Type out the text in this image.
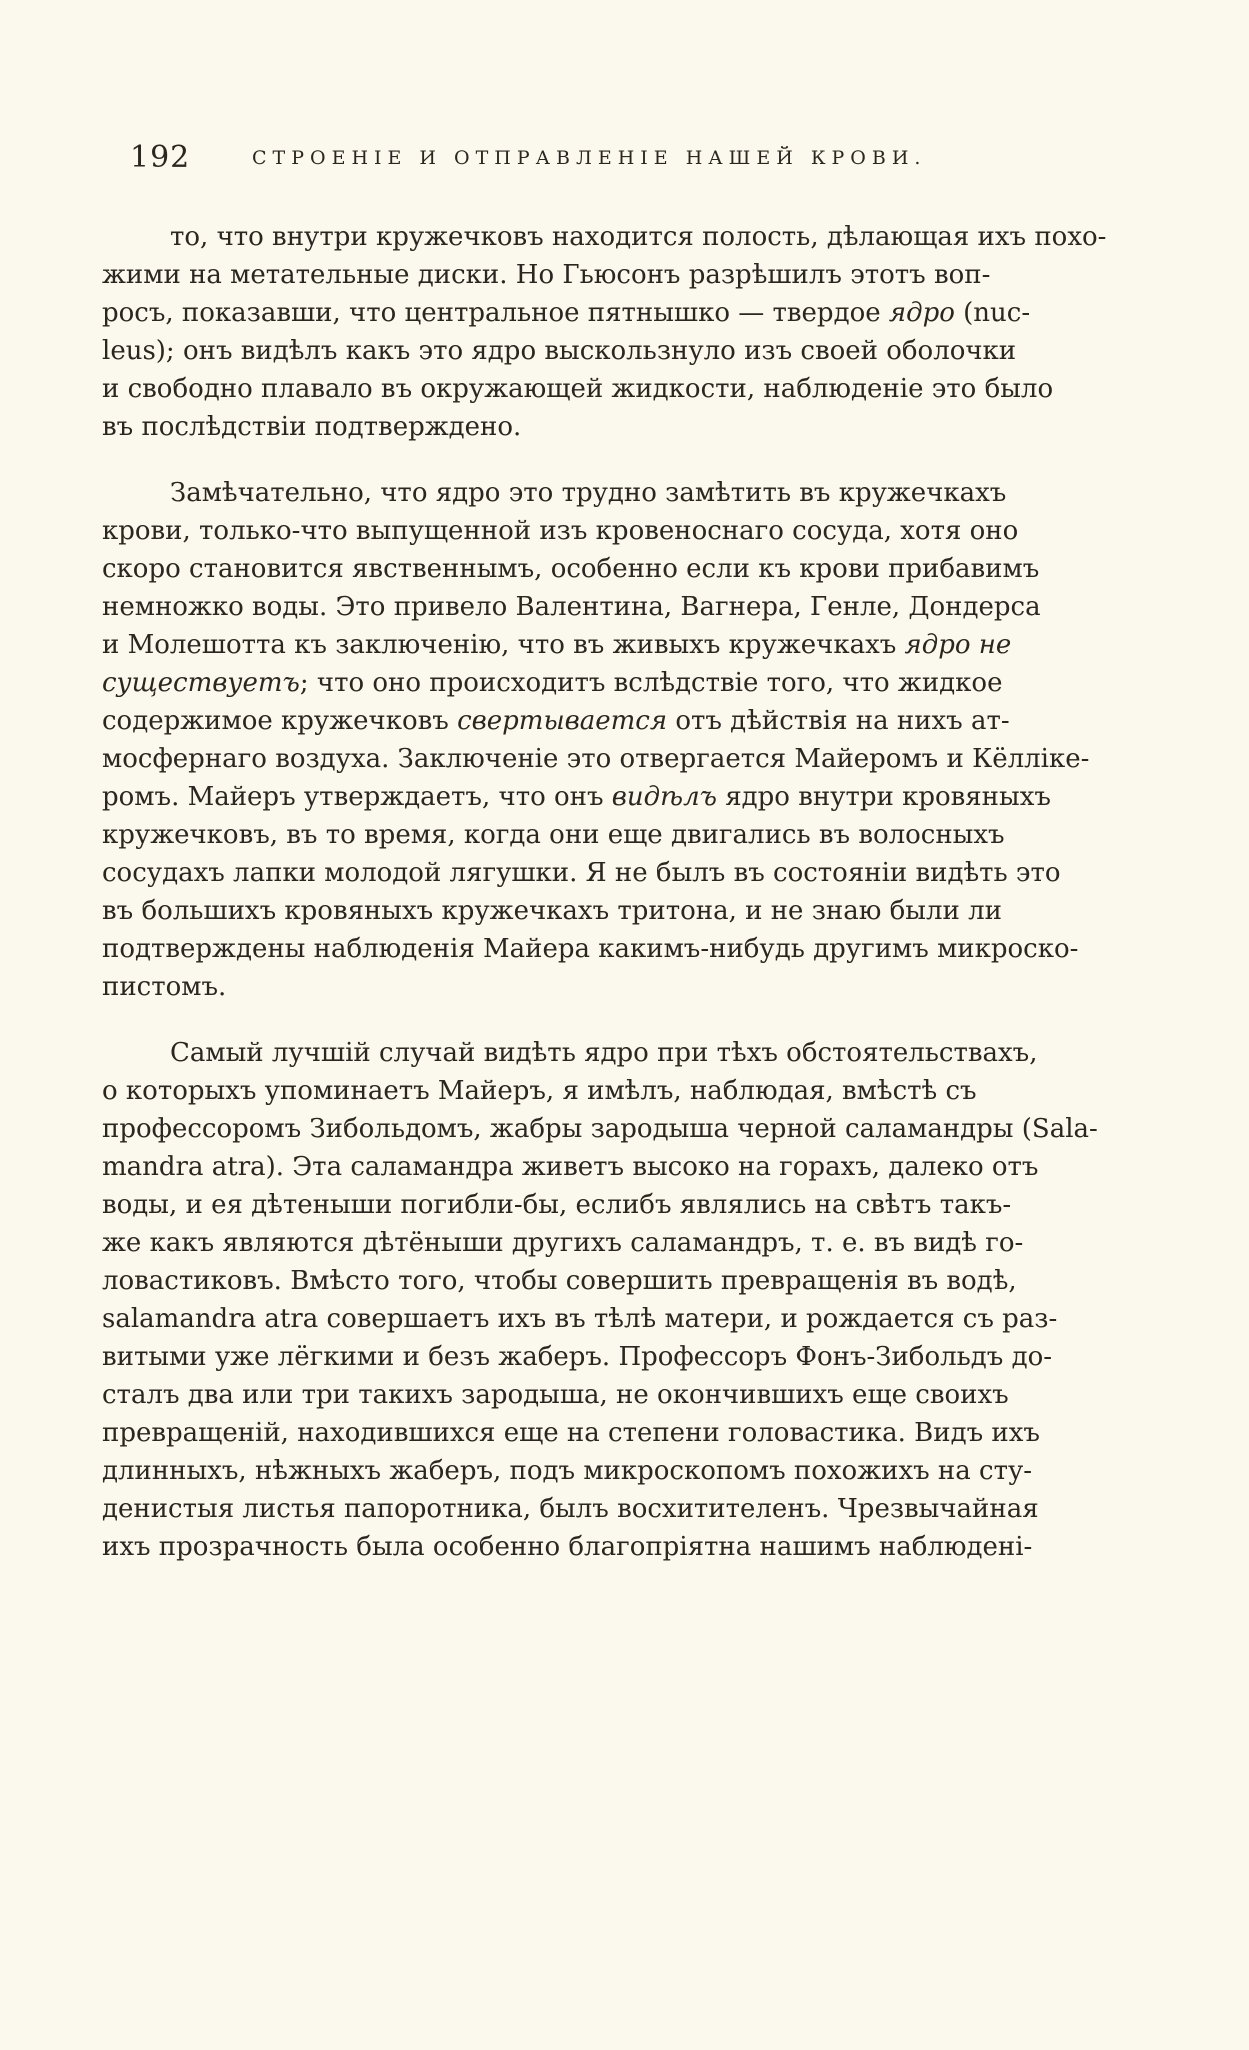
192	СТРОЕНІЕ И ОТПРАВЛЕНІЕ НАШЕЙ КРОВИ.
то, что внутри кружечковъ находится полость, дѣлающая ихъ похо-
жими на метательные диски. Но Гьюсонъ разрѣшилъ этотъ воп-
росъ, показавши, что центральное пятнышко — твердое ядро (nuc-
leus); онъ видѣлъ какъ это ядро выскользнуло изъ своей оболочки
и свободно плавало въ окружающей жидкости, наблюденіе это было
въ послѣдствіи подтверждено.
Замѣчательно, что ядро это трудно замѣтить въ кружечкахъ
крови, только-что выпущенной изъ кровеноснаго сосуда, хотя оно
скоро становится явственнымъ, особенно если къ крови прибавимъ
немножко воды. Это привело Валентина, Вагнера, Генле, Дондерса
и Молешотта къ заключенію, что въ живыхъ кружечкахъ ядро не
существуетъ; что оно происходитъ вслѣдствіе того, что жидкое
содержимое кружечковъ свертывается отъ дѣйствія на нихъ ат-
мосфернаго воздуха. Заключеніе это отвергается Майеромъ и Кёлліке-
ромъ. Майеръ утверждаетъ, что онъ видѣлъ ядро внутри кровяныхъ
кружечковъ, въ то время, когда они еще двигались въ волосныхъ
сосудахъ лапки молодой лягушки. Я не былъ въ состояніи видѣть это
въ большихъ кровяныхъ кружечкахъ тритона, и не знаю были ли
подтверждены наблюденія Майера какимъ-нибудь другимъ микроско-
пистомъ.
Самый лучшій случай видѣть ядро при тѣхъ обстоятельствахъ,
о которыхъ упоминаетъ Майеръ, я имѣлъ, наблюдая, вмѣстѣ съ
профессоромъ Зибольдомъ, жабры зародыша черной саламандры (Sala-
mandra atra). Эта саламандра живетъ высоко на горахъ, далеко отъ
воды, и ея дѣтеныши погибли-бы, еслибъ являлись на свѣтъ такъ-
же какъ являются дѣтёныши другихъ саламандръ, т. е. въ видѣ го-
ловастиковъ. Вмѣсто того, чтобы совершить превращенія въ водѣ,
salamandra atra совершаетъ ихъ въ тѣлѣ матери, и рождается съ раз-
витыми уже лёгкими и безъ жаберъ. Профессоръ Фонъ-Зибольдъ до-
сталъ два или три такихъ зародыша, не окончившихъ еще своихъ
превращеній, находившихся еще на степени головастика. Видъ ихъ
длинныхъ, нѣжныхъ жаберъ, подъ микроскопомъ похожихъ на сту-
денистыя листья папоротника, былъ восхитителенъ. Чрезвычайная
ихъ прозрачность была особенно благопріятна нашимъ наблюдені-
